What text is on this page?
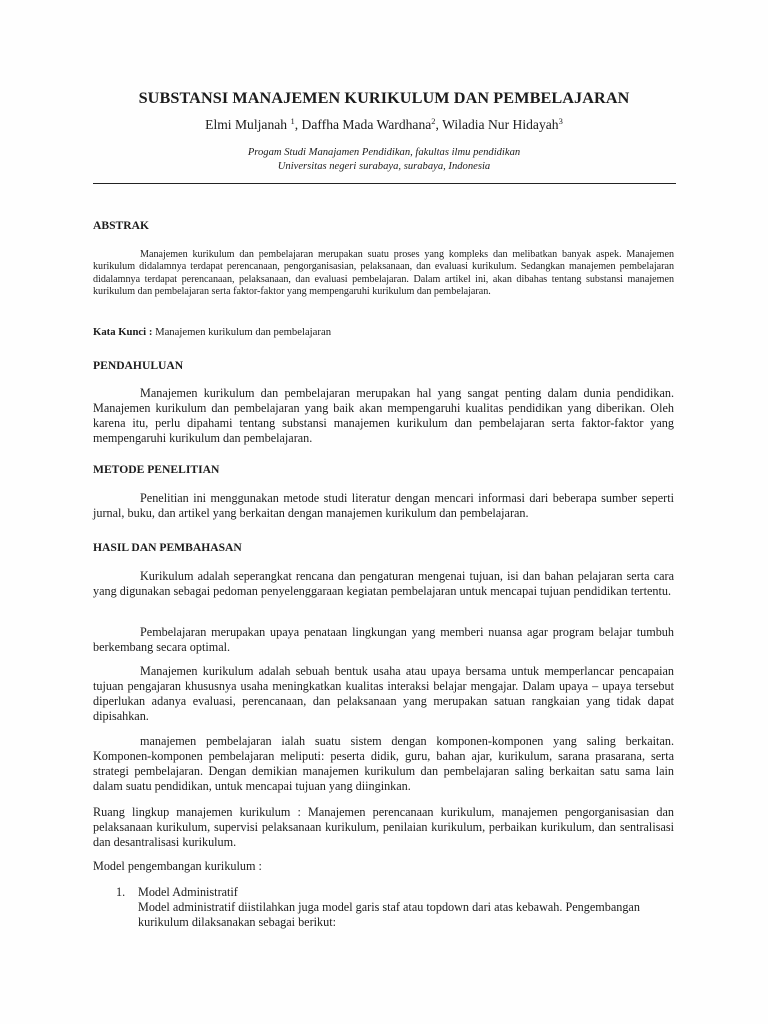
SUBSTANSI MANAJEMEN KURIKULUM DAN PEMBELAJARAN

Elmi Muljanah $^1$, Daffha Mada Wardhana$^2$, Wiladia Nur Hidayah$^3$

Progam Studi Manajamen Pendidikan, fakultas ilmu pendidikan
Universitas negeri surabaya, surabaya, Indonesia
ABSTRAK

Manajemen kurikulum dan pembelajaran merupakan suatu proses yang kompleks dan melibatkan banyak aspek. Manajemen kurikulum didalamnya terdapat perencanaan, pengorganisasian, pelaksanaan, dan evaluasi kurikulum. Sedangkan manajemen pembelajaran didalamnya terdapat perencanaan, pelaksanaan, dan evaluasi pembelajaran. Dalam artikel ini, akan dibahas tentang substansi manajemen kurikulum dan pembelajaran serta faktor-faktor yang mempengaruhi kurikulum dan pembelajaran.

Kata Kunci : Manajemen kurikulum dan pembelajaran

PENDAHULUAN

Manajemen kurikulum dan pembelajaran merupakan hal yang sangat penting dalam dunia pendidikan. Manajemen kurikulum dan pembelajaran yang baik akan mempengaruhi kualitas pendidikan yang diberikan. Oleh karena itu, perlu dipahami tentang substansi manajemen kurikulum dan pembelajaran serta faktor-faktor yang mempengaruhi kurikulum dan pembelajaran.

METODE PENELITIAN

Penelitian ini menggunakan metode studi literatur dengan mencari informasi dari beberapa sumber seperti jurnal, buku, dan artikel yang berkaitan dengan manajemen kurikulum dan pembelajaran.

HASIL DAN PEMBAHASAN

Kurikulum adalah seperangkat rencana dan pengaturan mengenai tujuan, isi dan bahan pelajaran serta cara yang digunakan sebagai pedoman penyelenggaraan kegiatan pembelajaran untuk mencapai tujuan pendidikan tertentu.

Pembelajaran merupakan upaya penataan lingkungan yang memberi nuansa agar program belajar tumbuh berkembang secara optimal.

Manajemen kurikulum adalah sebuah bentuk usaha atau upaya bersama untuk memperlancar pencapaian tujuan pengajaran khususnya usaha meningkatkan kualitas interaksi belajar mengajar. Dalam upaya – upaya tersebut diperlukan adanya evaluasi, perencanaan, dan pelaksanaan yang merupakan satuan rangkaian yang tidak dapat dipisahkan.

manajemen pembelajaran ialah suatu sistem dengan komponen-komponen yang saling berkaitan. Komponen-komponen pembelajaran meliputi: peserta didik, guru, bahan ajar, kurikulum, sarana prasarana, serta strategi pembelajaran. Dengan demikian manajemen kurikulum dan pembelajaran saling berkaitan satu sama lain dalam suatu pendidikan, untuk mencapai tujuan yang diinginkan.

Ruang lingkup manajemen kurikulum : Manajemen perencanaan kurikulum, manajemen pengorganisasian dan pelaksanaan kurikulum, supervisi pelaksanaan kurikulum, penilaian kurikulum, perbaikan kurikulum, dan sentralisasi dan desantralisasi kurikulum.

Model pengembangan kurikulum :

1. Model Administratif
Model administratif diistilahkan juga model garis staf atau topdown dari atas kebawah. Pengembangan kurikulum dilaksanakan sebagai berikut:
